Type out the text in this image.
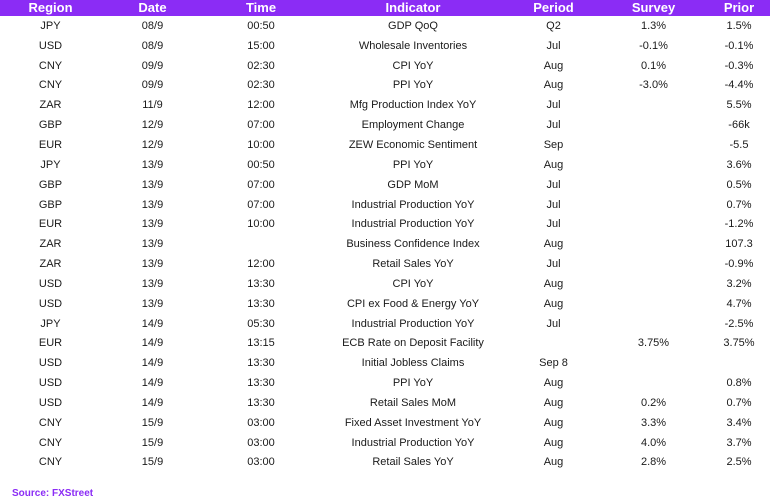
Region	Date	Time	Indicator	Period	Survey	Prior
JPY	08/9	00:50	GDP QoQ	Q2	1.3%	1.5%
USD	08/9	15:00	Wholesale Inventories	Jul	-0.1%	-0.1%
CNY	09/9	02:30	CPI YoY	Aug	0.1%	-0.3%
CNY	09/9	02:30	PPI YoY	Aug	-3.0%	-4.4%
ZAR	11/9	12:00	Mfg Production Index YoY	Jul		5.5%
GBP	12/9	07:00	Employment Change	Jul		-66k
EUR	12/9	10:00	ZEW Economic Sentiment	Sep		-5.5
JPY	13/9	00:50	PPI YoY	Aug		3.6%
GBP	13/9	07:00	GDP MoM	Jul		0.5%
GBP	13/9	07:00	Industrial Production YoY	Jul		0.7%
EUR	13/9	10:00	Industrial Production YoY	Jul		-1.2%
ZAR	13/9		Business Confidence Index	Aug		107.3
ZAR	13/9	12:00	Retail Sales YoY	Jul		-0.9%
USD	13/9	13:30	CPI YoY	Aug		3.2%
USD	13/9	13:30	CPI ex Food & Energy YoY	Aug		4.7%
JPY	14/9	05:30	Industrial Production YoY	Jul		-2.5%
EUR	14/9	13:15	ECB Rate on Deposit Facility		3.75%	3.75%
USD	14/9	13:30	Initial Jobless Claims	Sep 8		
USD	14/9	13:30	PPI YoY	Aug		0.8%
USD	14/9	13:30	Retail Sales MoM	Aug	0.2%	0.7%
CNY	15/9	03:00	Fixed Asset Investment YoY	Aug	3.3%	3.4%
CNY	15/9	03:00	Industrial Production YoY	Aug	4.0%	3.7%
CNY	15/9	03:00	Retail Sales YoY	Aug	2.8%	2.5%
Source: FXStreet
